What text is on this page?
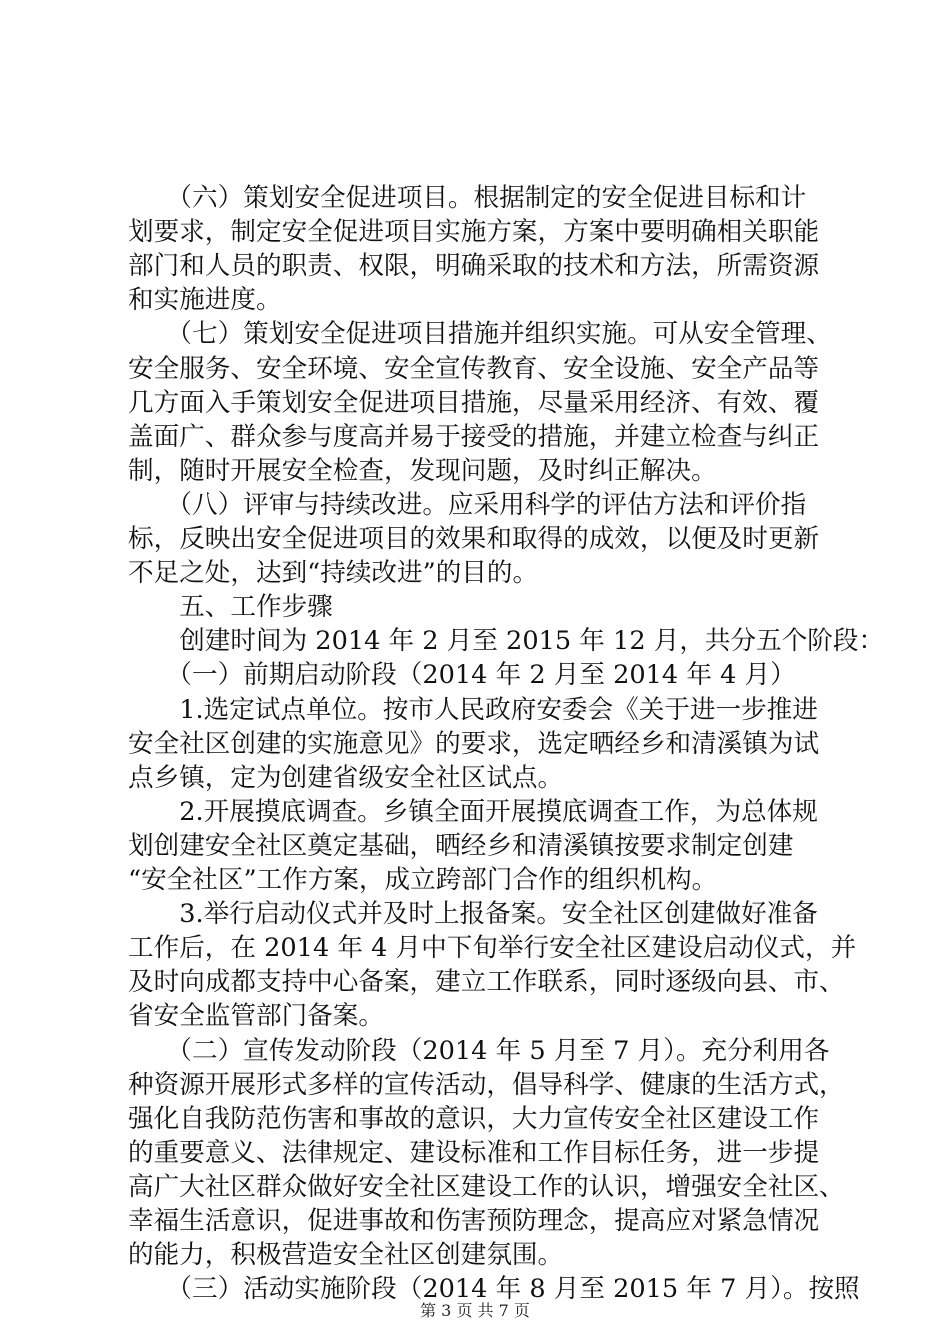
　　（六）策划安全促进项目。根据制定的安全促进目标和计
划要求，制定安全促进项目实施方案，方案中要明确相关职能
部门和人员的职责、权限，明确采取的技术和方法，所需资源
和实施进度。
　　（七）策划安全促进项目措施并组织实施。可从安全管理、
安全服务、安全环境、安全宣传教育、安全设施、安全产品等
几方面入手策划安全促进项目措施，尽量采用经济、有效、覆
盖面广、群众参与度高并易于接受的措施，并建立检查与纠正
制，随时开展安全检查，发现问题，及时纠正解决。
　　（八）评审与持续改进。应采用科学的评估方法和评价指
标，反映出安全促进项目的效果和取得的成效，以便及时更新
不足之处，达到“持续改进”的目的。
　　五、工作步骤
　　创建时间为 2014 年 2 月至 2015 年 12 月，共分五个阶段：
　　（一）前期启动阶段（2014 年 2 月至 2014 年 4 月）
　　1.选定试点单位。按市人民政府安委会《关于进一步推进
安全社区创建的实施意见》的要求，选定晒经乡和清溪镇为试
点乡镇，定为创建省级安全社区试点。
　　2.开展摸底调查。乡镇全面开展摸底调查工作，为总体规
划创建安全社区奠定基础，晒经乡和清溪镇按要求制定创建
“安全社区”工作方案，成立跨部门合作的组织机构。
　　3.举行启动仪式并及时上报备案。安全社区创建做好准备
工作后，在 2014 年 4 月中下旬举行安全社区建设启动仪式，并
及时向成都支持中心备案，建立工作联系，同时逐级向县、市、
省安全监管部门备案。
　　（二）宣传发动阶段（2014 年 5 月至 7 月）。充分利用各
种资源开展形式多样的宣传活动，倡导科学、健康的生活方式，
强化自我防范伤害和事故的意识，大力宣传安全社区建设工作
的重要意义、法律规定、建设标准和工作目标任务，进一步提
高广大社区群众做好安全社区建设工作的认识，增强安全社区、
幸福生活意识，促进事故和伤害预防理念，提高应对紧急情况
的能力，积极营造安全社区创建氛围。
　　（三）活动实施阶段（2014 年 8 月至 2015 年 7 月）。按照
第 3 页 共 7 页
